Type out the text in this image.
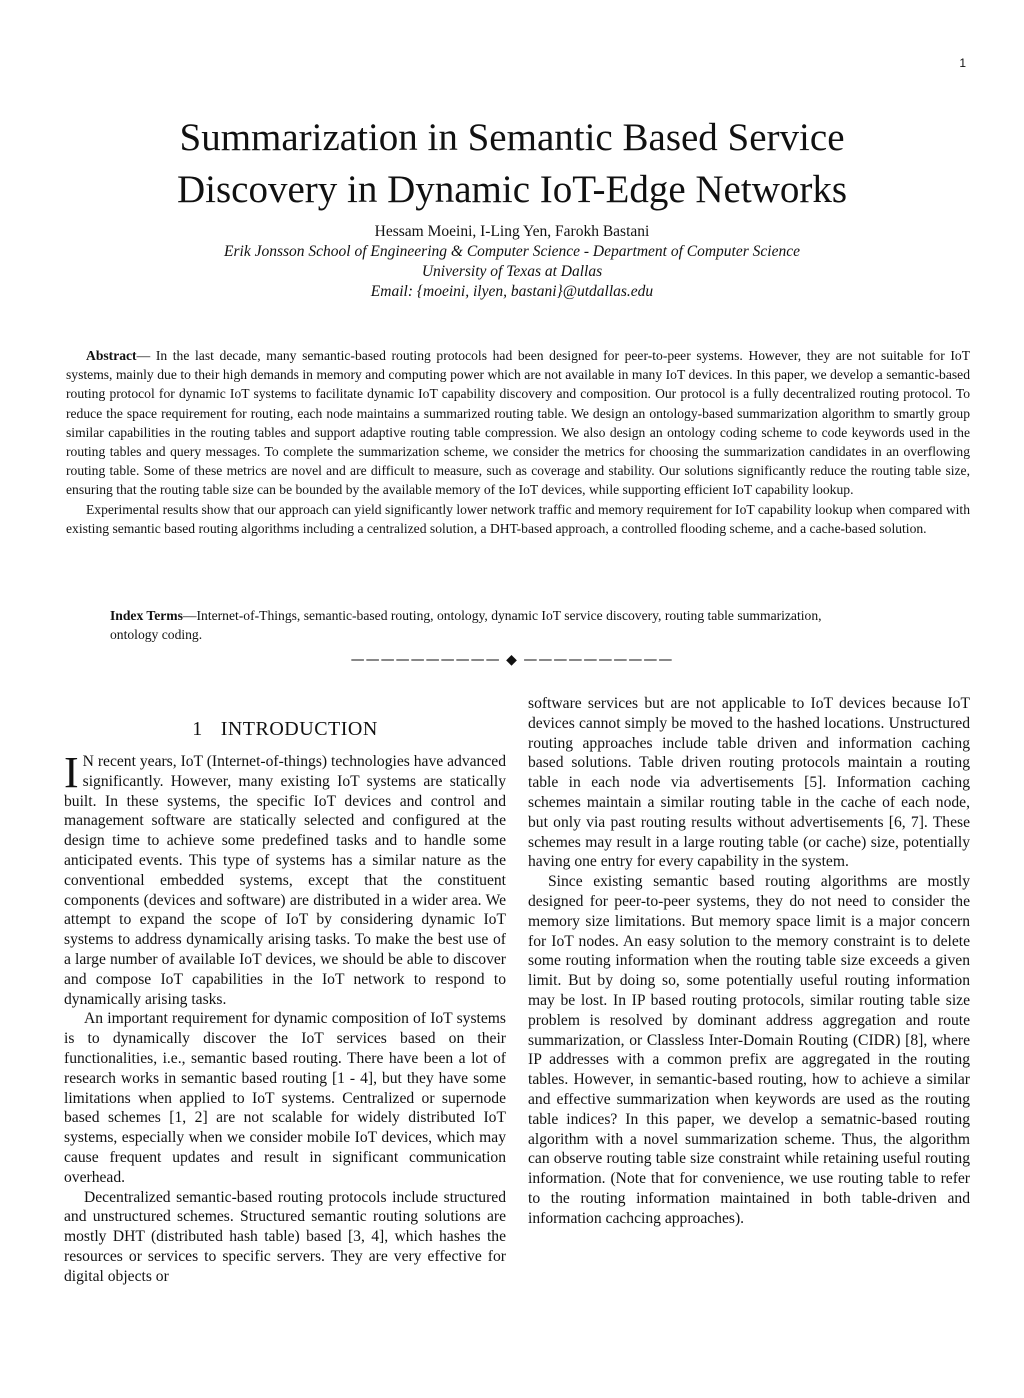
1
Summarization in Semantic Based Service
Discovery in Dynamic IoT-Edge Networks
Hessam Moeini, I-Ling Yen, Farokh Bastani
Erik Jonsson School of Engineering & Computer Science - Department of Computer Science
University of Texas at Dallas
Email: {moeini, ilyen, bastani}@utdallas.edu

Abstract— In the last decade, many semantic-based routing protocols had been designed for peer-to-peer systems. However, they are not suitable for IoT systems, mainly due to their high demands in memory and computing power which are not available in many IoT devices. In this paper, we develop a semantic-based routing protocol for dynamic IoT systems to facilitate dynamic IoT capability discovery and composition. Our protocol is a fully decentralized routing protocol. To reduce the space requirement for routing, each node maintains a summarized routing table. We design an ontology-based summarization algorithm to smartly group similar capabilities in the routing tables and support adaptive routing table compression. We also design an ontology coding scheme to code keywords used in the routing tables and query messages. To complete the summarization scheme, we consider the metrics for choosing the summarization candidates in an overflowing routing table. Some of these metrics are novel and are difficult to measure, such as coverage and stability. Our solutions significantly reduce the routing table size, ensuring that the routing table size can be bounded by the available memory of the IoT devices, while supporting efficient IoT capability lookup.

Experimental results show that our approach can yield significantly lower network traffic and memory requirement for IoT capability lookup when compared with existing semantic based routing algorithms including a centralized solution, a DHT-based approach, a controlled flooding scheme, and a cache-based solution.

Index Terms—Internet-of-Things, semantic-based routing, ontology, dynamic IoT service discovery, routing table summarization, ontology coding.
—————————— ◆ ——————————
1 INTRODUCTION

I N recent years, IoT (Internet-of-things) technologies have advanced significantly. However, many existing IoT systems are statically built. In these systems, the specific IoT devices and control and management software are statically selected and configured at the design time to achieve some predefined tasks and to handle some anticipated events. This type of systems has a similar nature as the conventional embedded systems, except that the constituent components (devices and software) are distributed in a wider area. We attempt to expand the scope of IoT by considering dynamic IoT systems to address dynamically arising tasks. To make the best use of a large number of available IoT devices, we should be able to discover and compose IoT capabilities in the IoT network to respond to dynamically arising tasks.

An important requirement for dynamic composition of IoT systems is to dynamically discover the IoT services based on their functionalities, i.e., semantic based routing. There have been a lot of research works in semantic based routing [1 - 4], but they have some limitations when applied to IoT systems. Centralized or supernode based schemes [1, 2] are not scalable for widely distributed IoT systems, especially when we consider mobile IoT devices, which may cause frequent updates and result in significant communication overhead.

Decentralized semantic-based routing protocols include structured and unstructured schemes. Structured semantic routing solutions are mostly DHT (distributed hash table) based [3, 4], which hashes the resources or services to specific servers. They are very effective for digital objects or

software services but are not applicable to IoT devices because IoT devices cannot simply be moved to the hashed locations. Unstructured routing approaches include table driven and information caching based solutions. Table driven routing protocols maintain a routing table in each node via advertisements [5]. Information caching schemes maintain a similar routing table in the cache of each node, but only via past routing results without advertisements [6, 7]. These schemes may result in a large routing table (or cache) size, potentially having one entry for every capability in the system.

Since existing semantic based routing algorithms are mostly designed for peer-to-peer systems, they do not need to consider the memory size limitations. But memory space limit is a major concern for IoT nodes. An easy solution to the memory constraint is to delete some routing information when the routing table size exceeds a given limit. But by doing so, some potentially useful routing information may be lost. In IP based routing protocols, similar routing table size problem is resolved by dominant address aggregation and route summarization, or Classless Inter-Domain Routing (CIDR) [8], where IP addresses with a common prefix are aggregated in the routing tables. However, in semantic-based routing, how to achieve a similar and effective summarization when keywords are used as the routing table indices? In this paper, we develop a sematnic-based routing algorithm with a novel summarization scheme. Thus, the algorithm can observe routing table size constraint while retaining useful routing information. (Note that for convenience, we use routing table to refer to the routing information maintained in both table-driven and information cachcing approaches).
